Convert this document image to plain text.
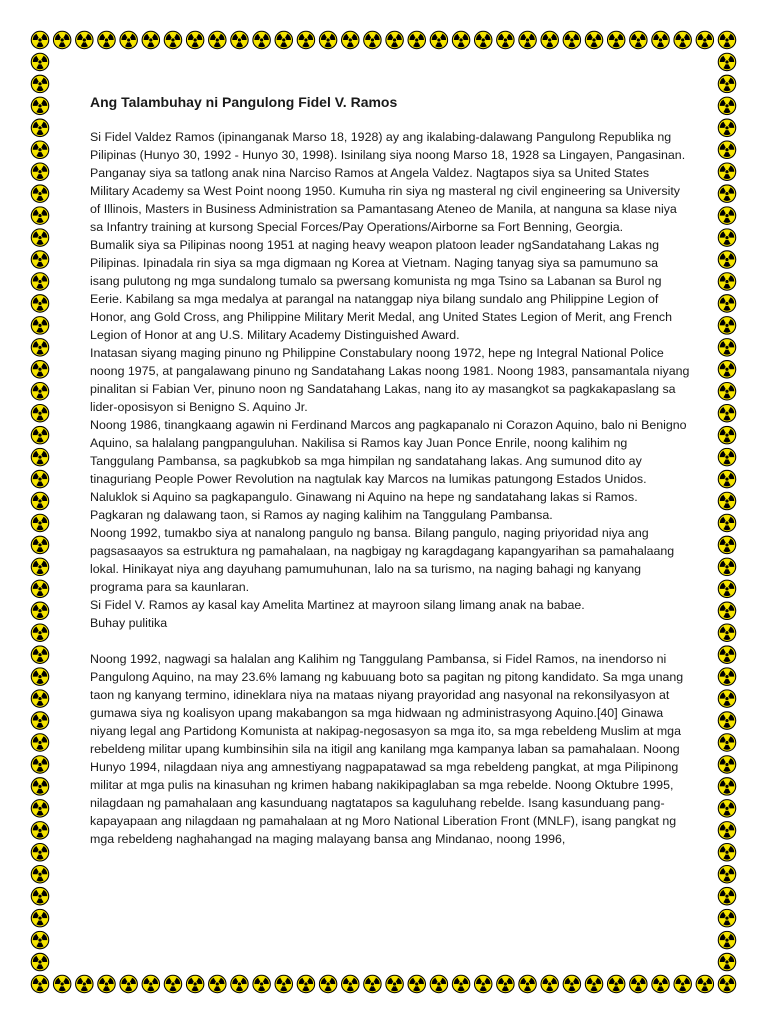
Ang Talambuhay ni Pangulong Fidel V. Ramos

Si Fidel Valdez Ramos (ipinanganak Marso 18, 1928) ay ang ikalabing-dalawang Pangulong Republika ng Pilipinas (Hunyo 30, 1992 - Hunyo 30, 1998). Isinilang siya noong Marso 18, 1928 sa Lingayen, Pangasinan. Panganay siya sa tatlong anak nina Narciso Ramos at Angela Valdez. Nagtapos siya sa United States Military Academy sa West Point noong 1950. Kumuha rin siya ng masteral ng civil engineering sa University of Illinois, Masters in Business Administration sa Pamantasang Ateneo de Manila, at nanguna sa klase niya sa Infantry training at kursong Special Forces/Pay Operations/Airborne sa Fort Benning, Georgia.

Bumalik siya sa Pilipinas noong 1951 at naging heavy weapon platoon leader ngSandatahang Lakas ng Pilipinas. Ipinadala rin siya sa mga digmaan ng Korea at Vietnam. Naging tanyag siya sa pamumuno sa isang pulutong ng mga sundalong tumalo sa pwersang komunista ng mga Tsino sa Labanan sa Burol ng Eerie. Kabilang sa mga medalya at parangal na natanggap niya bilang sundalo ang Philippine Legion of Honor, ang Gold Cross, ang Philippine Military Merit Medal, ang United States Legion of Merit, ang French Legion of Honor at ang U.S. Military Academy Distinguished Award.

Inatasan siyang maging pinuno ng Philippine Constabulary noong 1972, hepe ng Integral National Police noong 1975, at pangalawang pinuno ng Sandatahang Lakas noong 1981. Noong 1983, pansamantala niyang pinalitan si Fabian Ver, pinuno noon ng Sandatahang Lakas, nang ito ay masangkot sa pagkakapaslang sa lider-oposisyon si Benigno S. Aquino Jr.

Noong 1986, tinangkaang agawin ni Ferdinand Marcos ang pagkapanalo ni Corazon Aquino, balo ni Benigno Aquino, sa halalang pangpanguluhan. Nakilisa si Ramos kay Juan Ponce Enrile, noong kalihim ng Tanggulang Pambansa, sa pagkubkob sa mga himpilan ng sandatahang lakas. Ang sumunod dito ay tinaguriang People Power Revolution na nagtulak kay Marcos na lumikas patungong Estados Unidos. Naluklok si Aquino sa pagkapangulo. Ginawang ni Aquino na hepe ng sandatahang lakas si Ramos. Pagkaran ng dalawang taon, si Ramos ay naging kalihim na Tanggulang Pambansa.

Noong 1992, tumakbo siya at nanalong pangulo ng bansa. Bilang pangulo, naging priyoridad niya ang pagsasaayos sa estruktura ng pamahalaan, na nagbigay ng karagdagang kapangyarihan sa pamahalaang lokal. Hinikayat niya ang dayuhang pamumuhunan, lalo na sa turismo, na naging bahagi ng kanyang programa para sa kaunlaran.

Si Fidel V. Ramos ay kasal kay Amelita Martinez at mayroon silang limang anak na babae.

Buhay pulitika

Noong 1992, nagwagi sa halalan ang Kalihim ng Tanggulang Pambansa, si Fidel Ramos, na inendorso ni Pangulong Aquino, na may 23.6% lamang ng kabuuang boto sa pagitan ng pitong kandidato. Sa mga unang taon ng kanyang termino, idineklara niya na mataas niyang prayoridad ang nasyonal na rekonsilyasyon at gumawa siya ng koalisyon upang makabangon sa mga hidwaan ng administrasyong Aquino.[40] Ginawa niyang legal ang Partidong Komunista at nakipag-negosasyon sa mga ito, sa mga rebeldeng Muslim at mga rebeldeng militar upang kumbinsihin sila na itigil ang kanilang mga kampanya laban sa pamahalaan. Noong Hunyo 1994, nilagdaan niya ang amnestiyang nagpapatawad sa mga rebeldeng pangkat, at mga Pilipinong militar at mga pulis na kinasuhan ng krimen habang nakikipaglaban sa mga rebelde. Noong Oktubre 1995, nilagdaan ng pamahalaan ang kasunduang nagtatapos sa kaguluhang rebelde. Isang kasunduang pang-kapayapaan ang nilagdaan ng pamahalaan at ng Moro National Liberation Front (MNLF), isang pangkat ng mga rebeldeng naghahangad na maging malayang bansa ang Mindanao, noong 1996,
